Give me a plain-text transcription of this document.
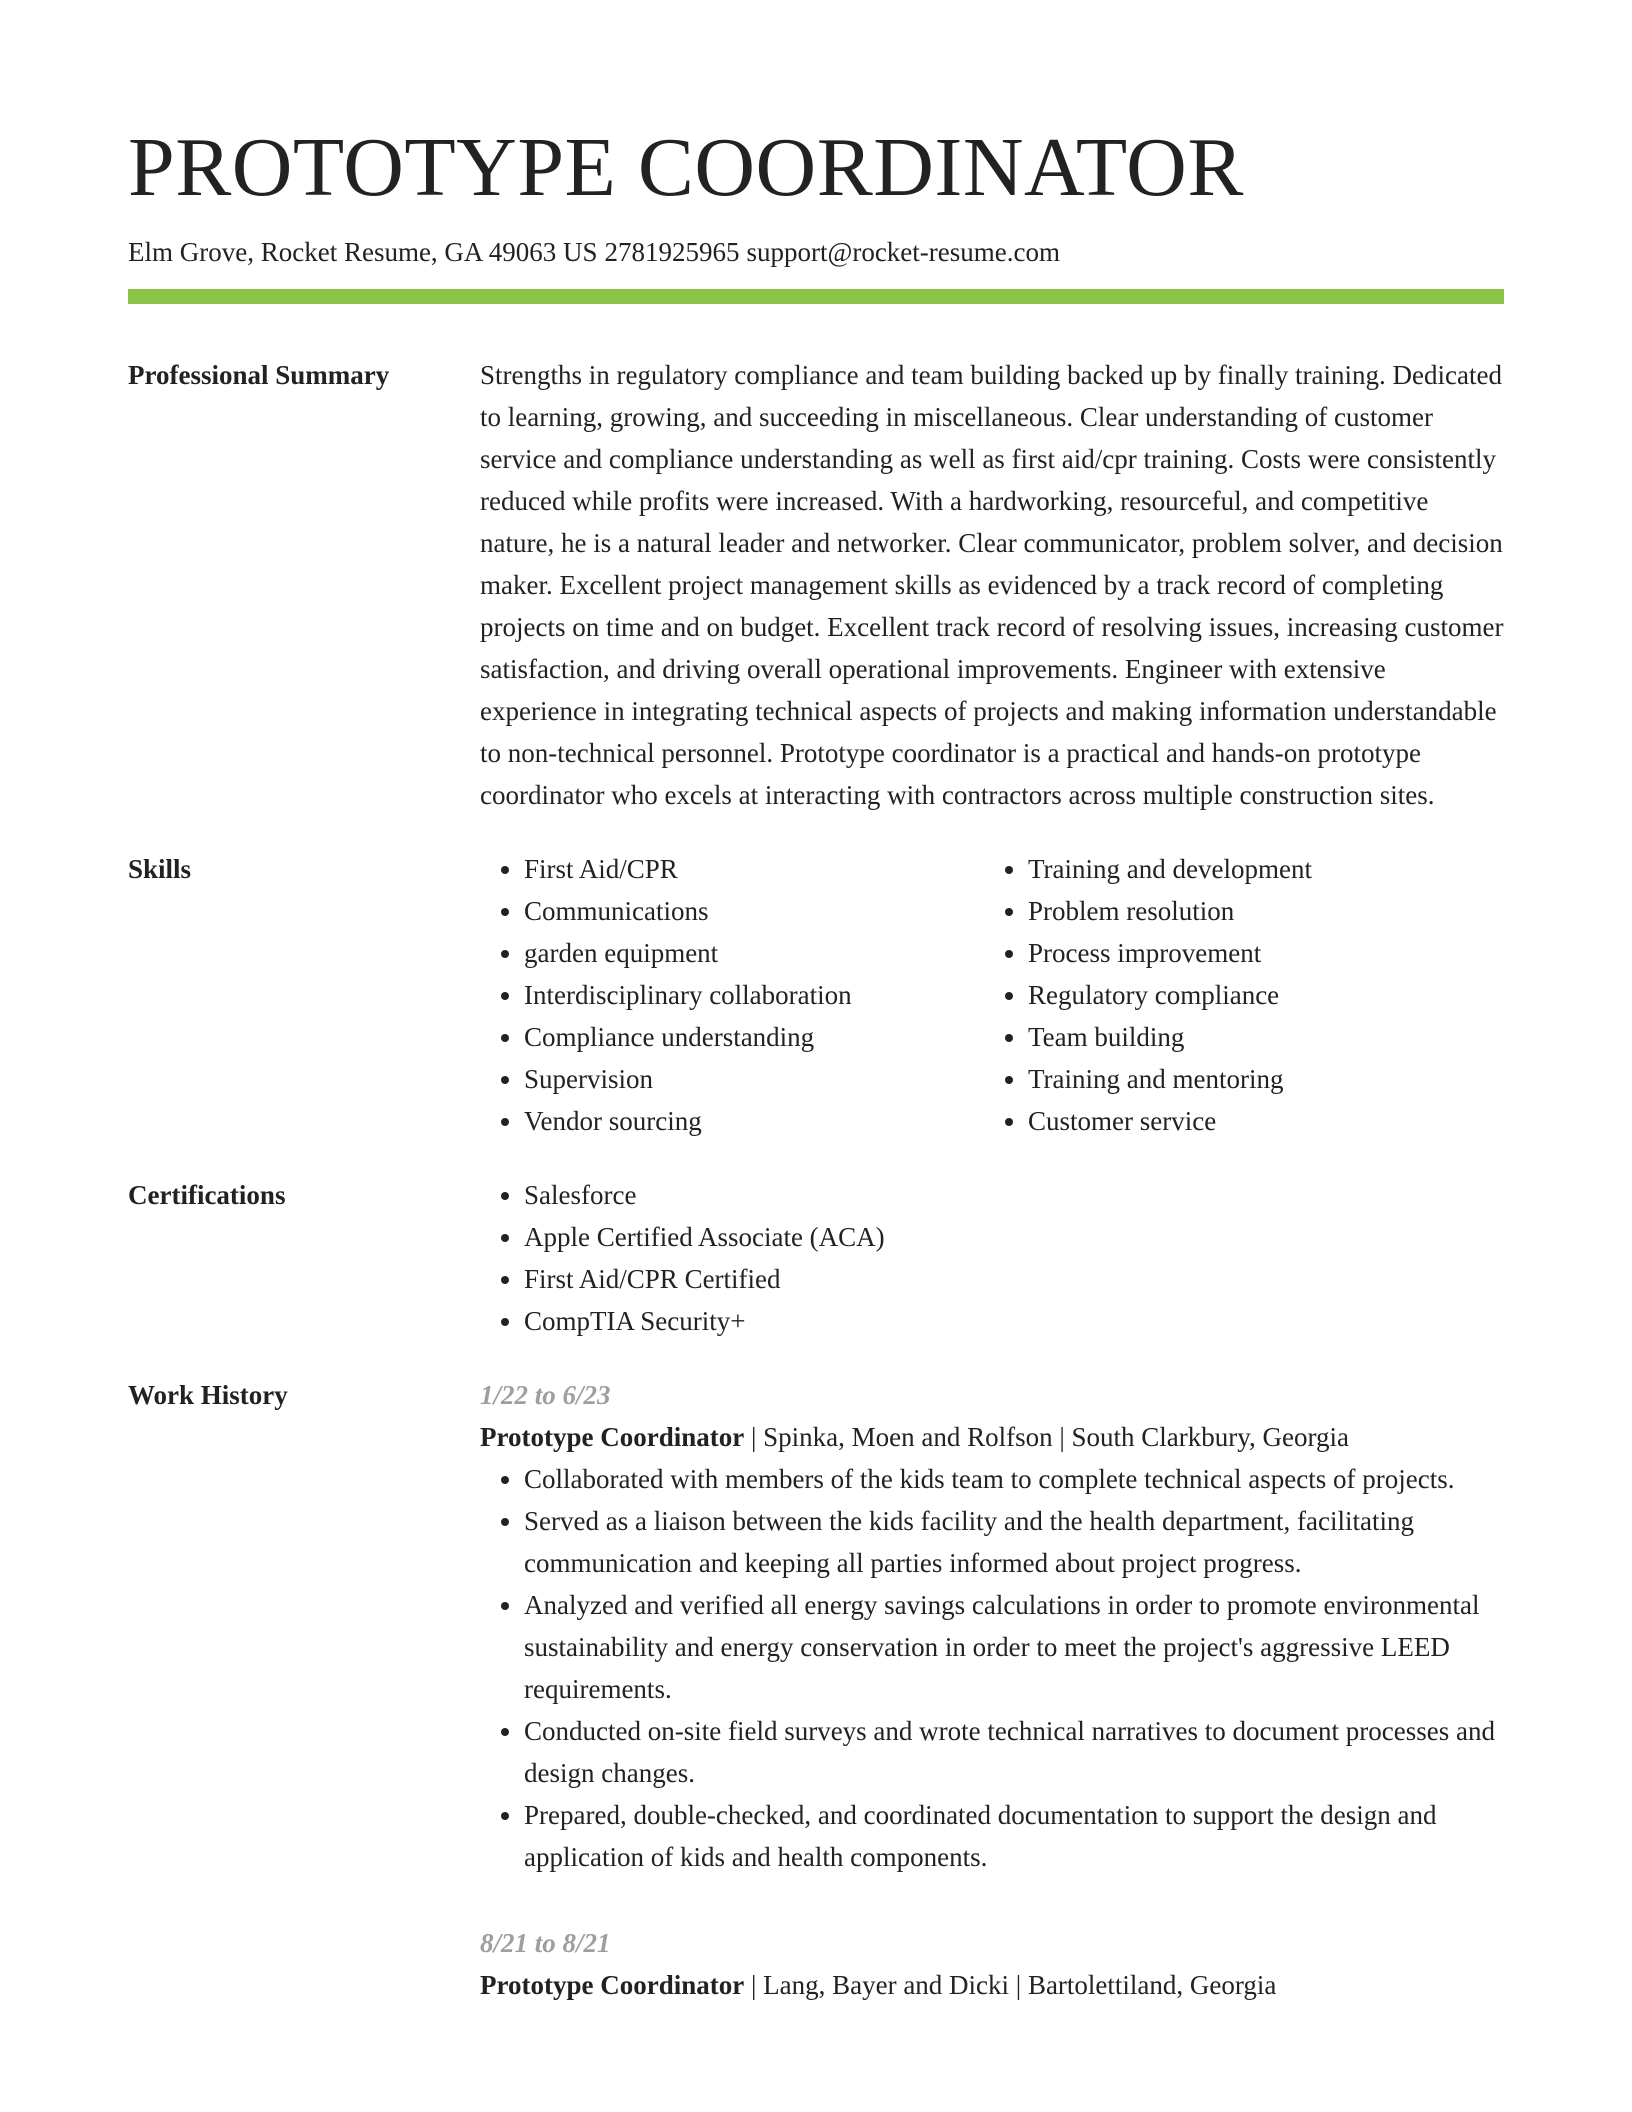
PROTOTYPE COORDINATOR
Elm Grove, Rocket Resume, GA 49063 US 2781925965 support@rocket-resume.com
Professional Summary	Strengths in regulatory compliance and team building backed up by finally training. Dedicated to learning, growing, and succeeding in miscellaneous. Clear understanding of customer service and compliance understanding as well as first aid/cpr training. Costs were consistently reduced while profits were increased. With a hardworking, resourceful, and competitive nature, he is a natural leader and networker. Clear communicator, problem solver, and decision maker. Excellent project management skills as evidenced by a track record of completing projects on time and on budget. Excellent track record of resolving issues, increasing customer satisfaction, and driving overall operational improvements. Engineer with extensive experience in integrating technical aspects of projects and making information understandable to non-technical personnel. Prototype coordinator is a practical and hands-on prototype coordinator who excels at interacting with contractors across multiple construction sites.

Skills	• First Aid/CPR
• Communications
• garden equipment
• Interdisciplinary collaboration
• Compliance understanding
• Supervision
• Vendor sourcing
• Training and development
• Problem resolution
• Process improvement
• Regulatory compliance
• Team building
• Training and mentoring
• Customer service
Certifications	• Salesforce
• Apple Certified Associate (ACA)
• First Aid/CPR Certified
• CompTIA Security+
Work History	1/22 to 6/23
Prototype Coordinator | Spinka, Moen and Rolfson | South Clarkbury, Georgia
• Collaborated with members of the kids team to complete technical aspects of projects.
• Served as a liaison between the kids facility and the health department, facilitating communication and keeping all parties informed about project progress.
• Analyzed and verified all energy savings calculations in order to promote environmental sustainability and energy conservation in order to meet the project's aggressive LEED requirements.
• Conducted on-site field surveys and wrote technical narratives to document processes and design changes.
• Prepared, double-checked, and coordinated documentation to support the design and application of kids and health components.
8/21 to 8/21
Prototype Coordinator | Lang, Bayer and Dicki | Bartolettiland, Georgia
